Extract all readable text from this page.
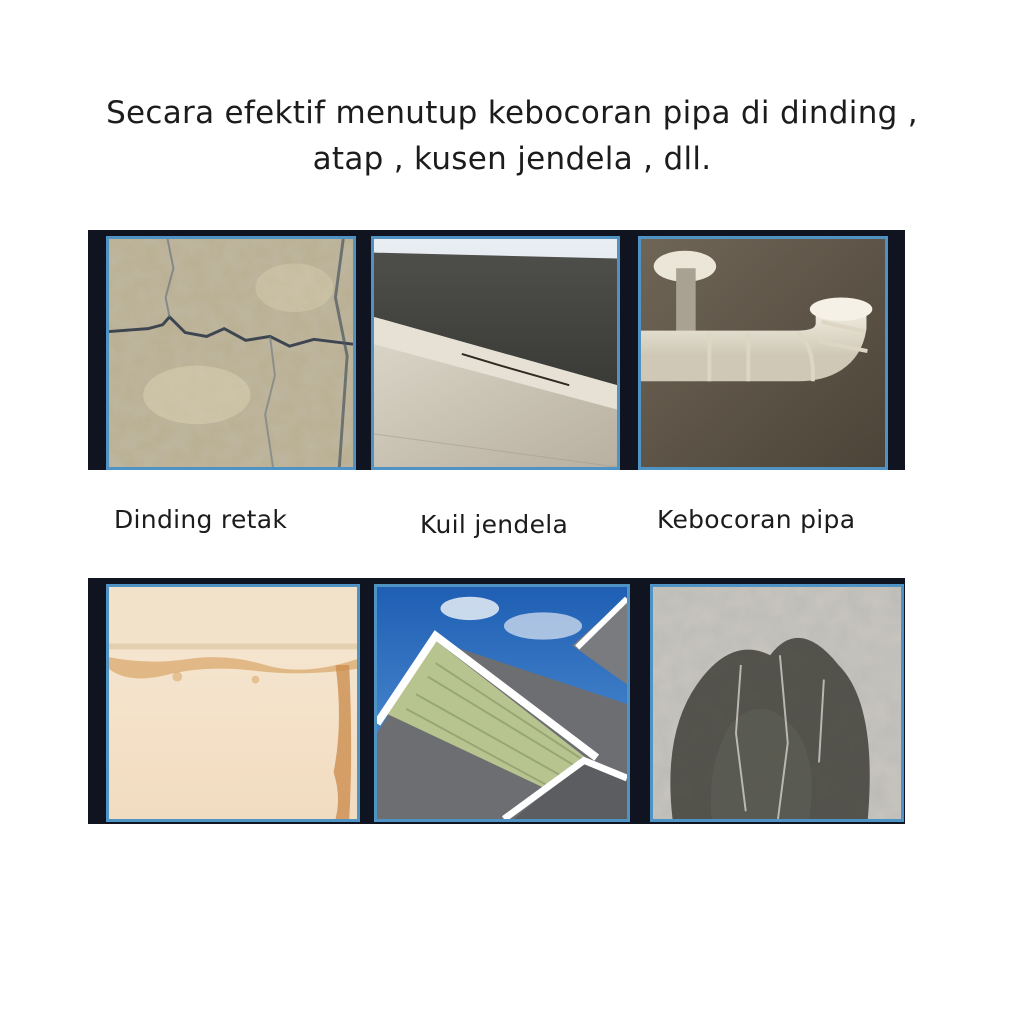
Secara efektif menutup kebocoran pipa di dinding ,
atap , kusen jendela , dll.
Dinding retak	Kuil jendela	Kebocoran pipa
